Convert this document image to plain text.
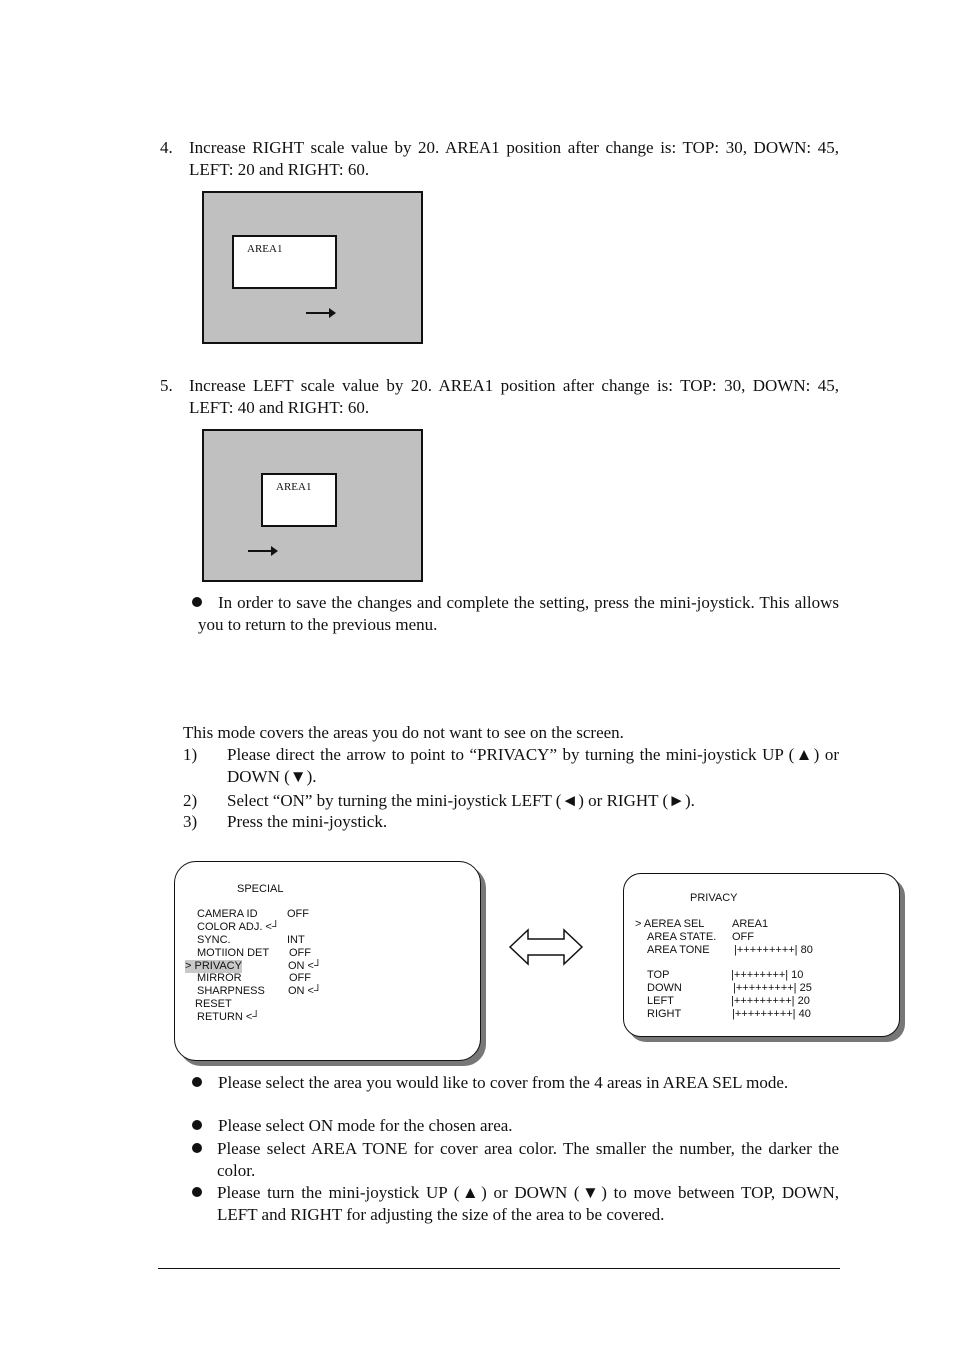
4. Increase RIGHT scale value by 20. AREA1 position after change is: TOP: 30, DOWN: 45, LEFT: 20 and RIGHT: 60.
AREA1
5. Increase LEFT scale value by 20. AREA1 position after change is: TOP: 30, DOWN: 45, LEFT: 40 and RIGHT: 60.
AREA1
In order to save the changes and complete the setting, press the mini-joystick. This allows you to return to the previous menu.
This mode covers the areas you do not want to see on the screen.
1) Please direct the arrow to point to “PRIVACY” by turning the mini-joystick UP (▲) or DOWN (▼).
2) Select “ON” by turning the mini-joystick LEFT (◄) or RIGHT (►).
3) Press the mini-joystick.
SPECIAL
CAMERA ID	OFF
COLOR ADJ. <┘
SYNC.	INT
MOTIION DET OFF
> PRIVACY	ON <┘
MIRROR	OFF
SHARPNESS ON <┘
RESET
RETURN <┘
PRIVACY
> AEREA SEL	AREA1
AREA STATE. OFF
AREA TONE |+++++++++| 80
TOP	|++++++++| 10
DOWN	|+++++++++| 25
LEFT	|+++++++++| 20
RIGHT	|+++++++++| 40
Please select the area you would like to cover from the 4 areas in AREA SEL mode.
Please select ON mode for the chosen area.
Please select AREA TONE for cover area color. The smaller the number, the darker the color.
Please turn the mini-joystick UP (▲) or DOWN (▼) to move between TOP, DOWN, LEFT and RIGHT for adjusting the size of the area to be covered.
